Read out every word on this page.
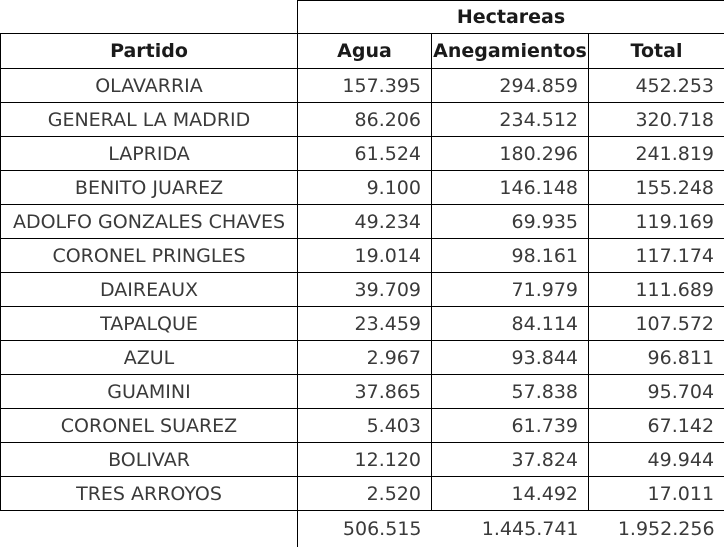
	Hectareas		
Partido	Agua	Anegamientos	Total
OLAVARRIA	157.395	294.859	452.253
GENERAL LA MADRID	86.206	234.512	320.718
LAPRIDA	61.524	180.296	241.819
BENITO JUAREZ	9.100	146.148	155.248
ADOLFO GONZALES CHAVES	49.234	69.935	119.169
CORONEL PRINGLES	19.014	98.161	117.174
DAIREAUX	39.709	71.979	111.689
TAPALQUE	23.459	84.114	107.572
AZUL	2.967	93.844	96.811
GUAMINI	37.865	57.838	95.704
CORONEL SUAREZ	5.403	61.739	67.142
BOLIVAR	12.120	37.824	49.944
TRES ARROYOS	2.520	14.492	17.011
	506.515	1.445.741	1.952.256
